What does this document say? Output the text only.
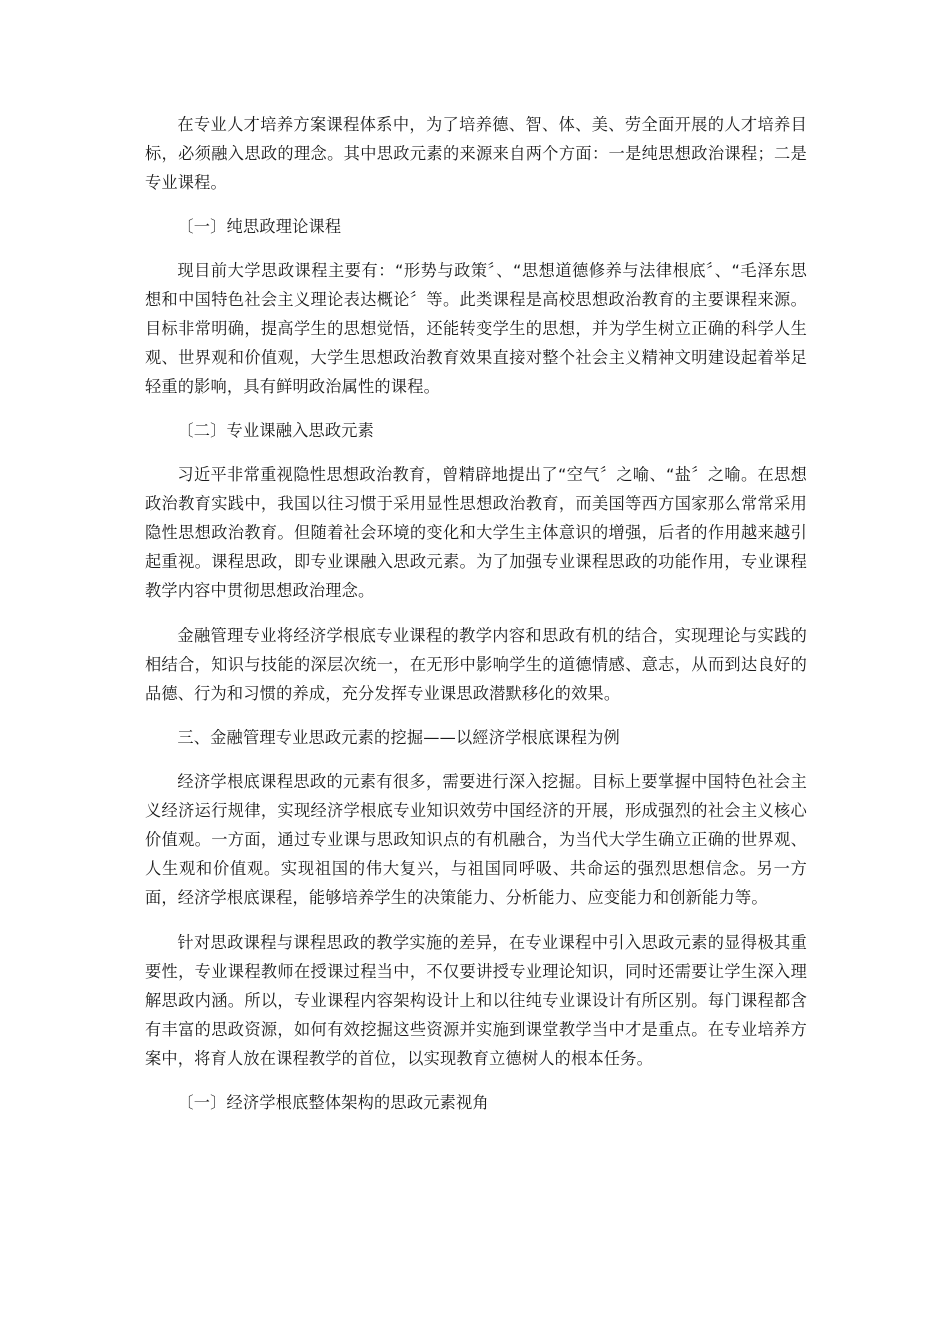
在专业人才培养方案课程体系中，为了培养德、智、体、美、劳全面开展的人才培养目标，必须融入思政的理念。其中思政元素的来源来自两个方面：一是纯思想政治课程；二是专业课程。

〔一〕纯思政理论课程

现目前大学思政课程主要有：“形势与政策〞、“思想道德修养与法律根底〞、“毛泽东思想和中国特色社会主义理论表达概论〞等。此类课程是高校思想政治教育的主要课程来源。目标非常明确，提高学生的思想觉悟，还能转变学生的思想，并为学生树立正确的科学人生观、世界观和价值观，大学生思想政治教育效果直接对整个社会主义精神文明建设起着举足轻重的影响，具有鲜明政治属性的课程。

〔二〕专业课融入思政元素

习近平非常重视隐性思想政治教育，曾精辟地提出了“空气〞之喻、“盐〞之喻。在思想政治教育实践中，我国以往习惯于采用显性思想政治教育，而美国等西方国家那么常常采用隐性思想政治教育。但随着社会环境的变化和大学生主体意识的增强，后者的作用越来越引起重视。课程思政，即专业课融入思政元素。为了加强专业课程思政的功能作用，专业课程教学内容中贯彻思想政治理念。

金融管理专业将经济学根底专业课程的教学内容和思政有机的结合，实现理论与实践的相结合，知识与技能的深层次统一，在无形中影响学生的道德情感、意志，从而到达良好的品德、行为和习惯的养成，充分发挥专业课思政潜默移化的效果。

三、金融管理专业思政元素的挖掘——以經济学根底课程为例

经济学根底课程思政的元素有很多，需要进行深入挖掘。目标上要掌握中国特色社会主义经济运行规律，实现经济学根底专业知识效劳中国经济的开展，形成强烈的社会主义核心价值观。一方面，通过专业课与思政知识点的有机融合，为当代大学生确立正确的世界观、人生观和价值观。实现祖国的伟大复兴，与祖国同呼吸、共命运的强烈思想信念。另一方面，经济学根底课程，能够培养学生的决策能力、分析能力、应变能力和创新能力等。

针对思政课程与课程思政的教学实施的差异，在专业课程中引入思政元素的显得极其重要性，专业课程教师在授课过程当中，不仅要讲授专业理论知识，同时还需要让学生深入理解思政内涵。所以，专业课程内容架构设计上和以往纯专业课设计有所区别。每门课程都含有丰富的思政资源，如何有效挖掘这些资源并实施到课堂教学当中才是重点。在专业培养方案中，将育人放在课程教学的首位，以实现教育立德树人的根本任务。

〔一〕经济学根底整体架构的思政元素视角
